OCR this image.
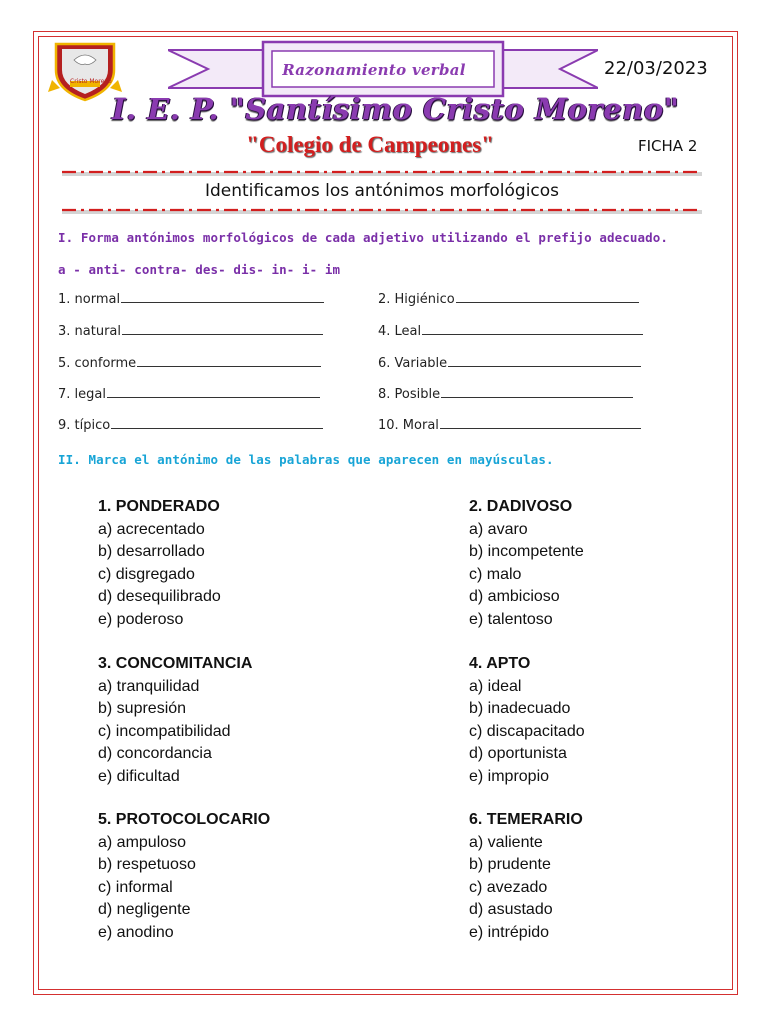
Cristo Moreno
Razonamiento verbal	22/03/2023
I. E. P. "Santísimo Cristo Moreno"
"Colegio de Campeones"	FICHA 2
Identificamos los antónimos morfológicos
I. Forma antónimos morfológicos de cada adjetivo utilizando el prefijo adecuado.
a - anti- contra- des- dis- in- i- im
1. normal	2. Higiénico
3. natural	4. Leal
5. conforme	6. Variable
7. legal	8. Posible
9. típico	10. Moral
II. Marca el antónimo de las palabras que aparecen en mayúsculas.
1. PONDERADO
a) acrecentado
b) desarrollado
c) disgregado
d) desequilibrado
e) poderoso
2. DADIVOSO
a) avaro
b) incompetente
c) malo
d) ambicioso
e) talentoso
3. CONCOMITANCIA
a) tranquilidad
b) supresión
c) incompatibilidad
d) concordancia
e) dificultad
4. APTO
a) ideal
b) inadecuado
c) discapacitado
d) oportunista
e) impropio
5. PROTOCOLOCARIO
a) ampuloso
b) respetuoso
c) informal
d) negligente
e) anodino
6. TEMERARIO
a) valiente
b) prudente
c) avezado
d) asustado
e) intrépido
